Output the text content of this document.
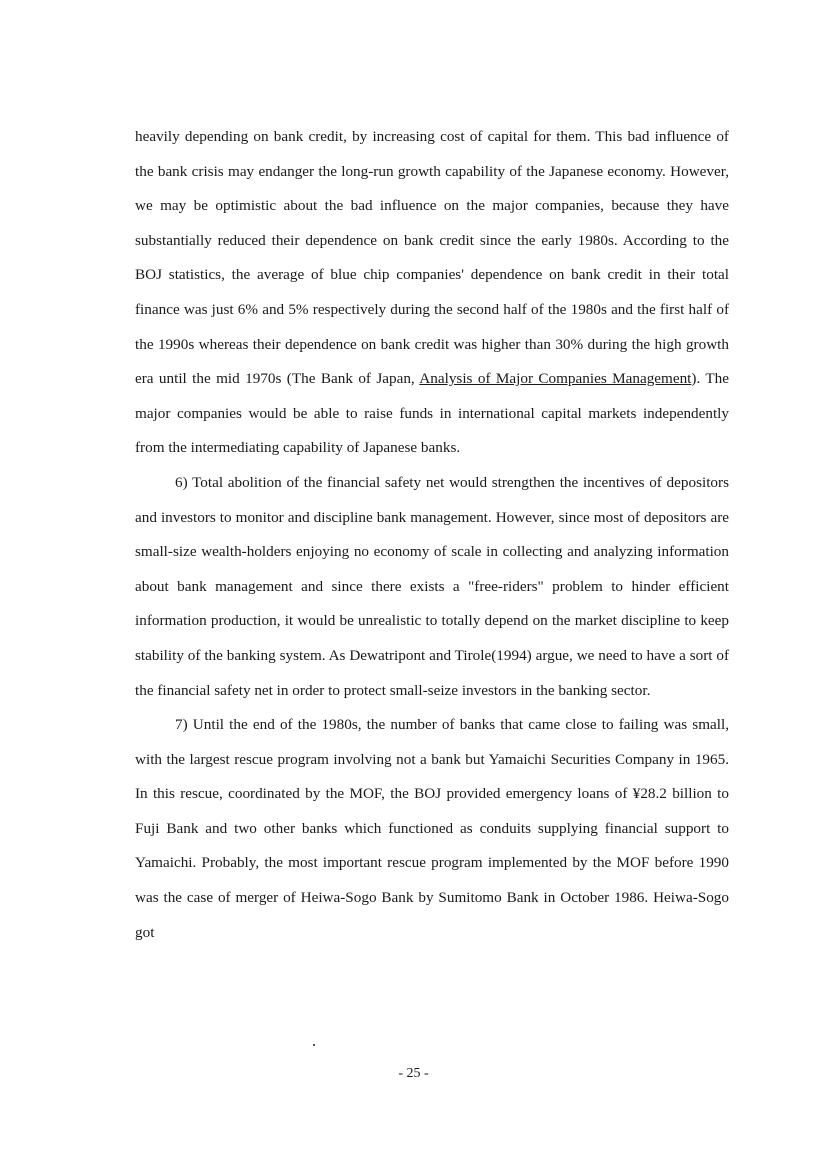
heavily depending on bank credit, by increasing cost of capital for them. This bad influence of the bank crisis may endanger the long-run growth capability of the Japanese economy. However, we may be optimistic about the bad influence on the major companies, because they have substantially reduced their dependence on bank credit since the early 1980s. According to the BOJ statistics, the average of blue chip companies' dependence on bank credit in their total finance was just 6% and 5% respectively during the second half of the 1980s and the first half of the 1990s whereas their dependence on bank credit was higher than 30% during the high growth era until the mid 1970s (The Bank of Japan, Analysis of Major Companies Management). The major companies would be able to raise funds in international capital markets independently from the intermediating capability of Japanese banks.

6) Total abolition of the financial safety net would strengthen the incentives of depositors and investors to monitor and discipline bank management. However, since most of depositors are small-size wealth-holders enjoying no economy of scale in collecting and analyzing information about bank management and since there exists a "free-riders" problem to hinder efficient information production, it would be unrealistic to totally depend on the market discipline to keep stability of the banking system. As Dewatripont and Tirole(1994) argue, we need to have a sort of the financial safety net in order to protect small-seize investors in the banking sector.

7) Until the end of the 1980s, the number of banks that came close to failing was small, with the largest rescue program involving not a bank but Yamaichi Securities Company in 1965. In this rescue, coordinated by the MOF, the BOJ provided emergency loans of ¥28.2 billion to Fuji Bank and two other banks which functioned as conduits supplying financial support to Yamaichi. Probably, the most important rescue program implemented by the MOF before 1990 was the case of merger of Heiwa-Sogo Bank by Sumitomo Bank in October 1986. Heiwa-Sogo got

- 25 -
